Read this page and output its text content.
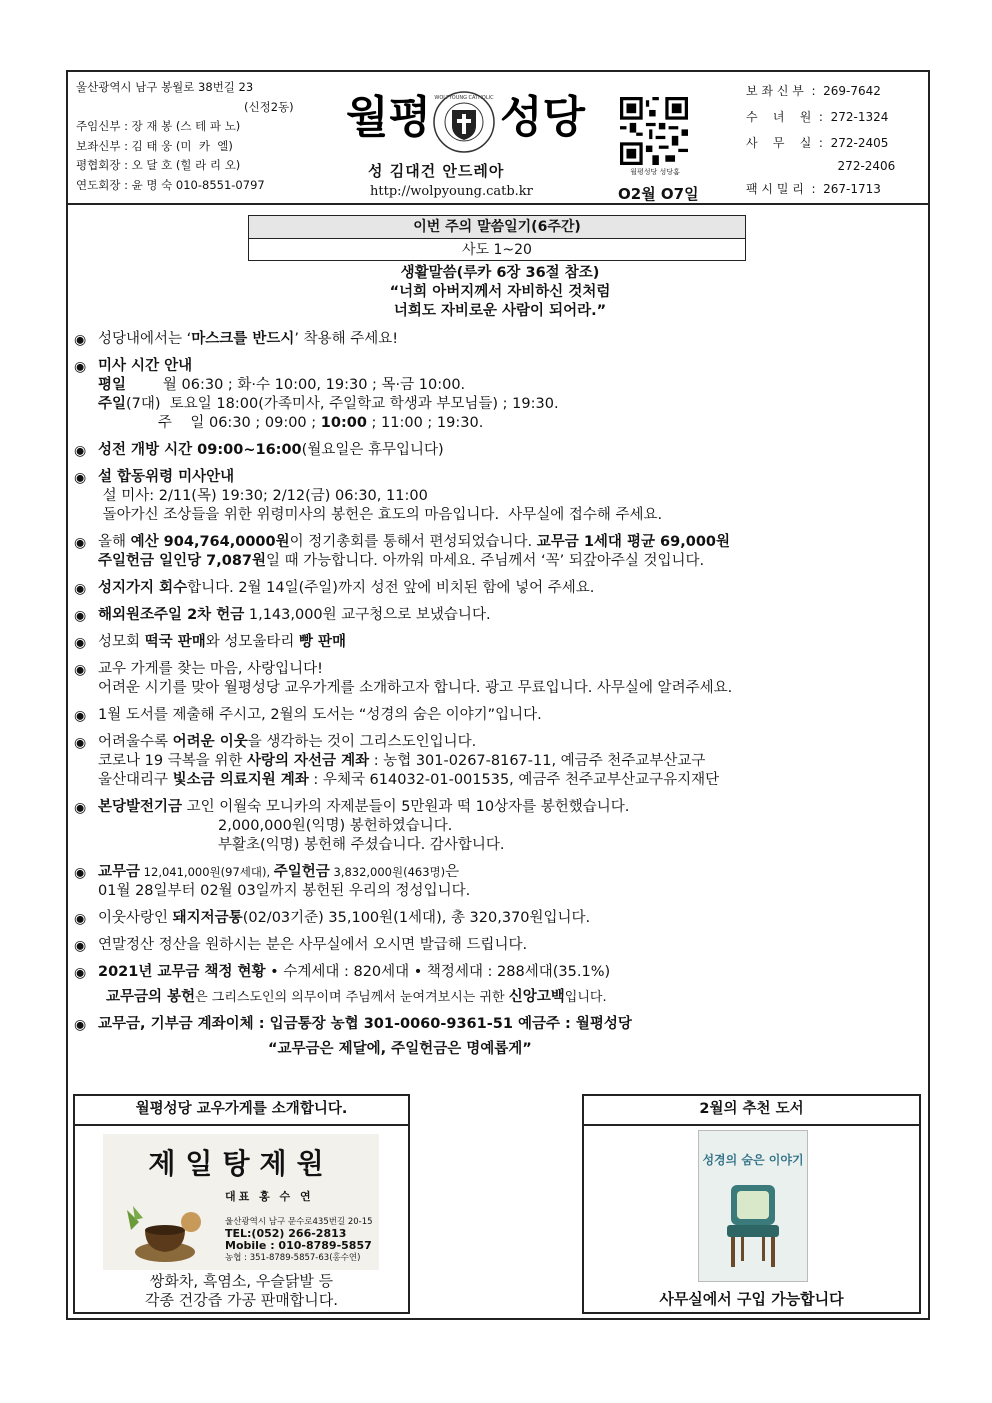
울산광역시 남구 봉월로 38번길 23
(신정2동)
주임신부 : 장 재 봉 (스 테 파 노)
보좌신부 : 김 태 웅 (미  카  엘)
평협회장 : 오 달 호 (힐 라 리 오)
연도회장 : 윤 명 숙 010-8551-0797
월평 WOLPYOUNG CATHOLIC 성당
성 김대건 안드레아
http://wolpyoung.catb.kr
월평성당 성당홈
O2월 O7일
보 좌 신 부  :  269-7642
수    녀    원  :  272-1324
사    무    실  :  272-2405
272-2406
팩 시 밀 리  :  267-1713
이번 주의 말씀일기(6주간)
사도 1~20
생활말씀(루카 6장 36절 참조)
“너희 아버지께서 자비하신 것처럼
너희도 자비로운 사람이 되어라.”
◉ 성당내에서는 ‘마스크를 반드시’ 착용해 주세요!
◉ 미사 시간 안내
평일        월 06:30 ; 화·수 10:00, 19:30 ; 목·금 10:00.
주일(7대)  토요일 18:00(가족미사, 주일학교 학생과 부모님들) ; 19:30.
주    일 06:30 ; 09:00 ; 10:00 ; 11:00 ; 19:30.
◉ 성전 개방 시간 09:00~16:00(월요일은 휴무입니다)
◉ 설 합동위령 미사안내
설 미사: 2/11(목) 19:30; 2/12(금) 06:30, 11:00
돌아가신 조상들을 위한 위령미사의 봉헌은 효도의 마음입니다.  사무실에 접수해 주세요.
◉ 올해 예산 904,764,0000원이 정기총회를 통해서 편성되었습니다. 교무금 1세대 평균 69,000원
주일헌금 일인당 7,087원일 때 가능합니다. 아까워 마세요. 주님께서 ‘꼭’ 되갚아주실 것입니다.
◉ 성지가지 회수합니다. 2월 14일(주일)까지 성전 앞에 비치된 함에 넣어 주세요.
◉ 해외원조주일 2차 헌금 1,143,000원 교구청으로 보냈습니다.
◉ 성모회 떡국 판매와 성모울타리 빵 판매
◉ 교우 가게를 찾는 마음, 사랑입니다!
어려운 시기를 맞아 월평성당 교우가게를 소개하고자 합니다. 광고 무료입니다. 사무실에 알려주세요.
◉ 1월 도서를 제출해 주시고, 2월의 도서는 “성경의 숨은 이야기”입니다.
◉ 어려울수록 어려운 이웃을 생각하는 것이 그리스도인입니다.
코로나 19 극복을 위한 사랑의 자선금 계좌 : 농협 301-0267-8167-11, 예금주 천주교부산교구
울산대리구 빛소금 의료지원 계좌 : 우체국 614032-01-001535, 예금주 천주교부산교구유지재단
◉ 본당발전기금 고인 이월숙 모니카의 자제분들이 5만원과 떡 10상자를 봉헌했습니다.
2,000,000원(익명) 봉헌하였습니다.
부활초(익명) 봉헌해 주셨습니다. 감사합니다.
◉ 교무금 12,041,000원(97세대), 주일헌금 3,832,000원(463명)은
01월 28일부터 02월 03일까지 봉헌된 우리의 정성입니다.
◉ 이웃사랑인 돼지저금통(02/03기준) 35,100원(1세대), 총 320,370원입니다.
◉ 연말정산 정산을 원하시는 분은 사무실에서 오시면 발급해 드립니다.
◉ 2021년 교무금 책정 현황 • 수계세대 : 820세대 • 책정세대 : 288세대(35.1%)
교무금의 봉헌은 그리스도인의 의무이며 주님께서 눈여겨보시는 귀한 신앙고백입니다.
◉ 교무금, 기부금 계좌이체 : 입금통장 농협 301-0060-9361-51 예금주 : 월평성당
“교무금은 제달에, 주일헌금은 명예롭게”
월평성당 교우가게를 소개합니다.
제일탕제원
대표 홍 수 연
울산광역시 남구 문수로435번길 20-15
TEL:(052) 266-2813
Mobile : 010-8789-5857
농협 : 351-8789-5857-63(홍수연)
쌍화차, 흑염소, 우슬닭발 등
각종 건강즙 가공 판매합니다.
2월의 추천 도서
성경의 숨은 이야기
사무실에서 구입 가능합니다
